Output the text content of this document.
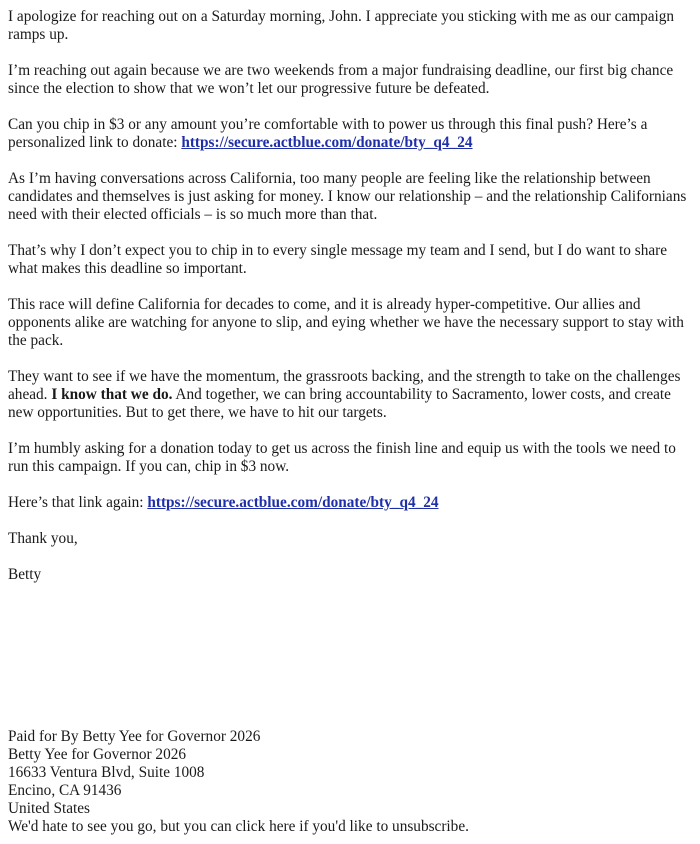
I apologize for reaching out on a Saturday morning, John. I appreciate you sticking with me as our campaign ramps up.

I’m reaching out again because we are two weekends from a major fundraising deadline, our first big chance since the election to show that we won’t let our progressive future be defeated.

Can you chip in $3 or any amount you’re comfortable with to power us through this final push? Here’s a personalized link to donate: https://secure.actblue.com/donate/bty_q4_24

As I’m having conversations across California, too many people are feeling like the relationship between candidates and themselves is just asking for money. I know our relationship – and the relationship Californians need with their elected officials – is so much more than that.

That’s why I don’t expect you to chip in to every single message my team and I send, but I do want to share what makes this deadline so important.

This race will define California for decades to come, and it is already hyper-competitive. Our allies and opponents alike are watching for anyone to slip, and eying whether we have the necessary support to stay with the pack.

They want to see if we have the momentum, the grassroots backing, and the strength to take on the challenges ahead. I know that we do. And together, we can bring accountability to Sacramento, lower costs, and create new opportunities. But to get there, we have to hit our targets.

I’m humbly asking for a donation today to get us across the finish line and equip us with the tools we need to run this campaign. If you can, chip in $3 now.

Here’s that link again: https://secure.actblue.com/donate/bty_q4_24

Thank you,

Betty

Paid for By Betty Yee for Governor 2026
Betty Yee for Governor 2026
16633 Ventura Blvd, Suite 1008
Encino, CA 91436
United States
We'd hate to see you go, but you can click here if you'd like to unsubscribe.
